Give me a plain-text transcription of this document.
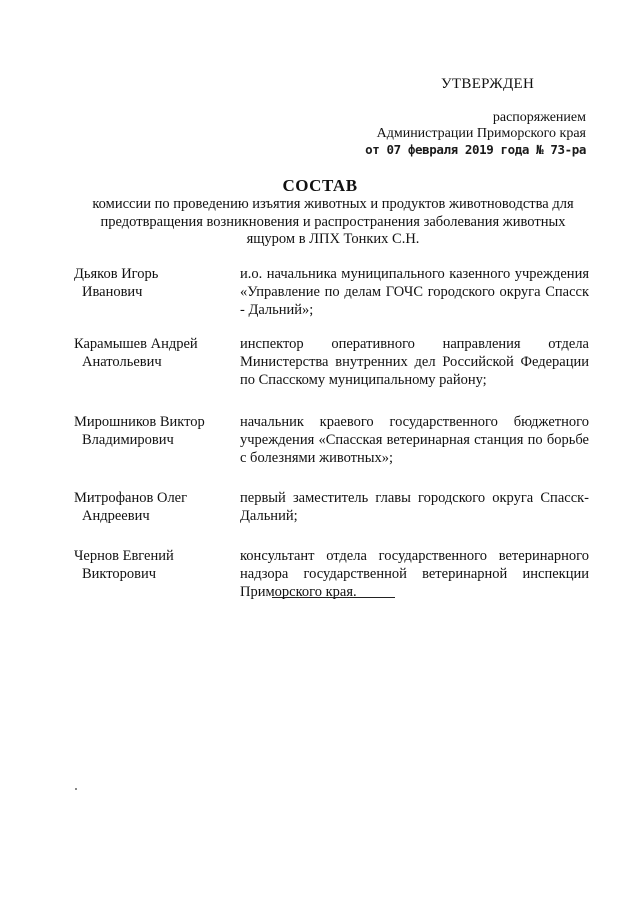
УТВЕРЖДЕН
распоряжением
Администрации Приморского края
от 07 февраля 2019 года № 73-ра
СОСТАВ
комиссии по проведению изъятия животных и продуктов животноводства для предотвращения возникновения и распространения заболевания животных ящуром в ЛПХ Тонких С.Н.
Дьяков Игорь
Иванович
и.о. начальника муниципального казенного учреждения «Управление по делам ГОЧС городского округа Спасск - Дальний»;
Карамышев Андрей
Анатольевич
инспектор оперативного направления отдела Министерства внутренних дел Российской Федерации по Спасскому муниципальному району;
Мирошников Виктор
Владимирович
начальник краевого государственного бюджетного учреждения «Спасская ветеринарная станция по борьбе с болезнями животных»;
Митрофанов Олег
Андреевич
первый заместитель главы городского округа Спасск-Дальний;
Чернов Евгений
Викторович
консультант отдела государственного ветеринарного надзора государственной ветеринарной инспекции Приморского края.
